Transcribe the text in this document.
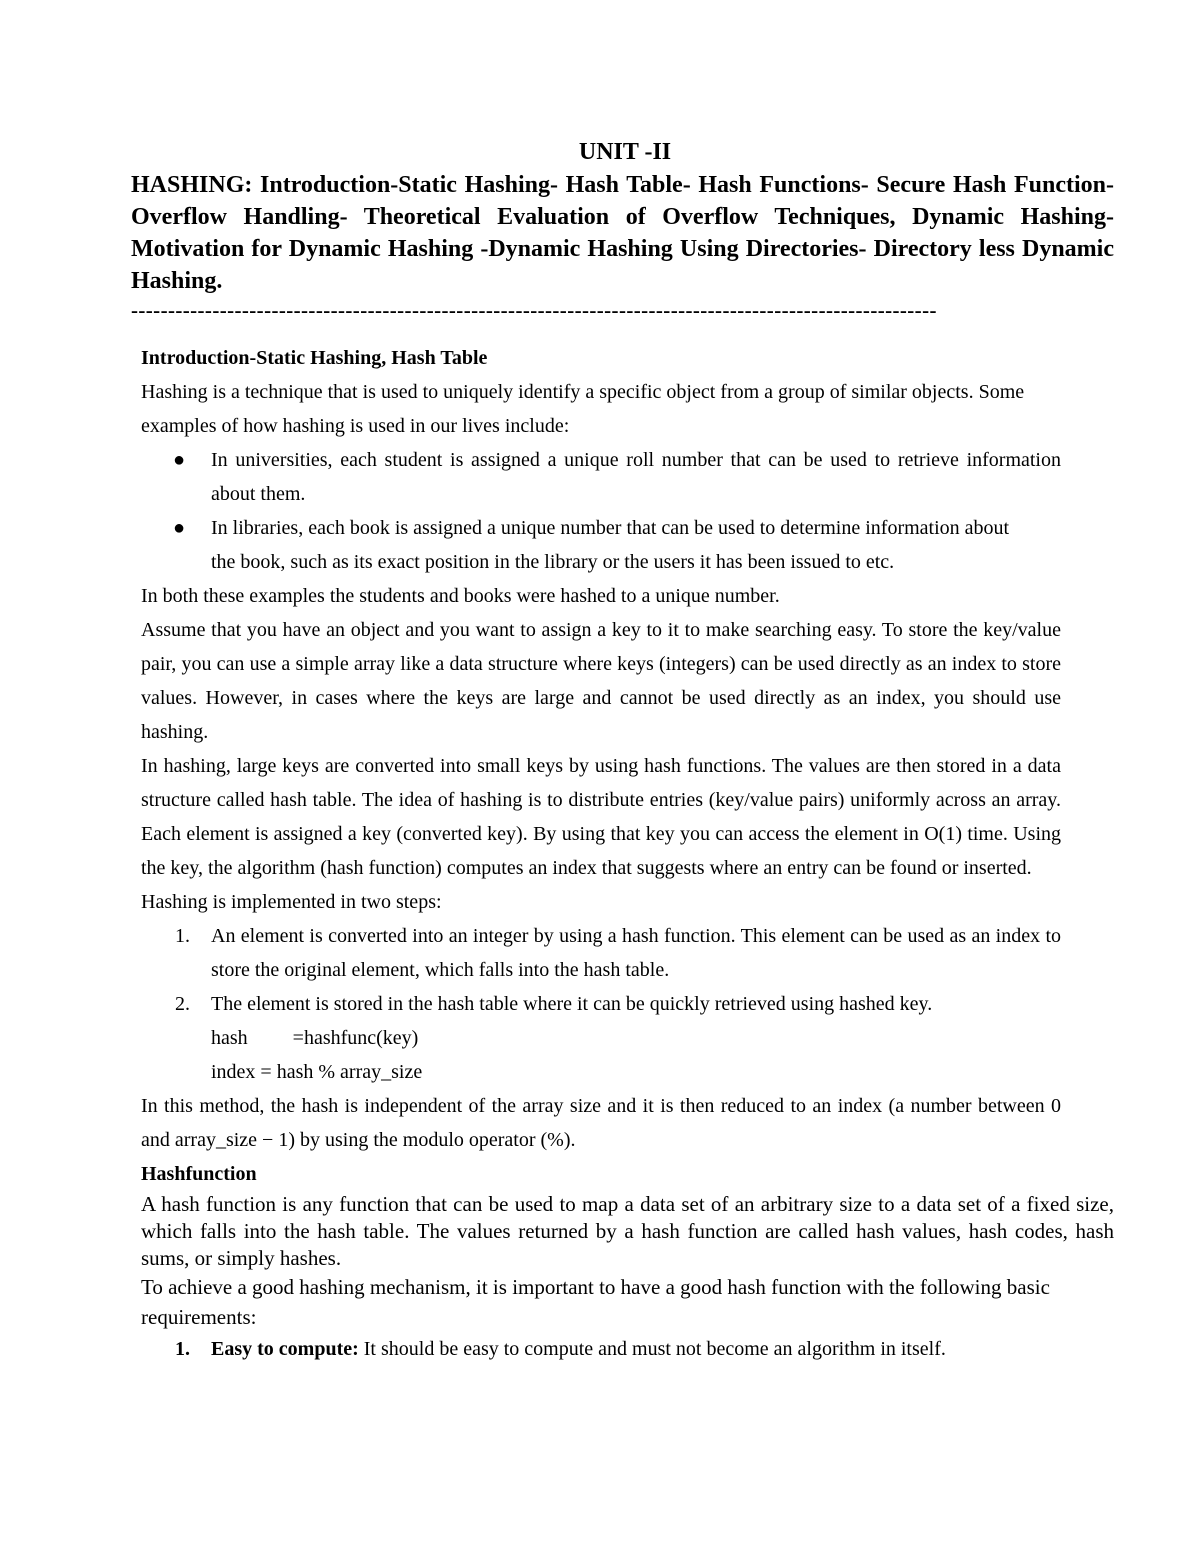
UNIT -II
HASHING: Introduction-Static Hashing- Hash Table- Hash Functions- Secure Hash Function- Overflow Handling- Theoretical Evaluation of Overflow Techniques, Dynamic Hashing- Motivation for Dynamic Hashing -Dynamic Hashing Using Directories- Directory less Dynamic Hashing.
-------------------------------------------------------------------------------------------------------------

Introduction-Static Hashing, Hash Table

Hashing is a technique that is used to uniquely identify a specific object from a group of similar objects. Some examples of how hashing is used in our lives include:

● In universities, each student is assigned a unique roll number that can be used to retrieve information about them.
● In libraries, each book is assigned a unique number that can be used to determine information about the book, such as its exact position in the library or the users it has been issued to etc.

In both these examples the students and books were hashed to a unique number.

Assume that you have an object and you want to assign a key to it to make searching easy. To store the key/value pair, you can use a simple array like a data structure where keys (integers) can be used directly as an index to store values. However, in cases where the keys are large and cannot be used directly as an index, you should use hashing.

In hashing, large keys are converted into small keys by using hash functions. The values are then stored in a data structure called hash table. The idea of hashing is to distribute entries (key/value pairs) uniformly across an array. Each element is assigned a key (converted key). By using that key you can access the element in O(1) time. Using the key, the algorithm (hash function) computes an index that suggests where an entry can be found or inserted.

Hashing is implemented in two steps:

1. An element is converted into an integer by using a hash function. This element can be used as an index to store the original element, which falls into the hash table.
2. The element is stored in the hash table where it can be quickly retrieved using hashed key.
hash         =hashfunc(key)
index = hash % array_size

In this method, the hash is independent of the array size and it is then reduced to an index (a number between 0 and array_size − 1) by using the modulo operator (%).

Hashfunction

A hash function is any function that can be used to map a data set of an arbitrary size to a data set of a fixed size, which falls into the hash table. The values returned by a hash function are called hash values, hash codes, hash sums, or simply hashes.

To achieve a good hashing mechanism, it is important to have a good hash function with the following basic requirements:

1. Easy to compute: It should be easy to compute and must not become an algorithm in itself.
